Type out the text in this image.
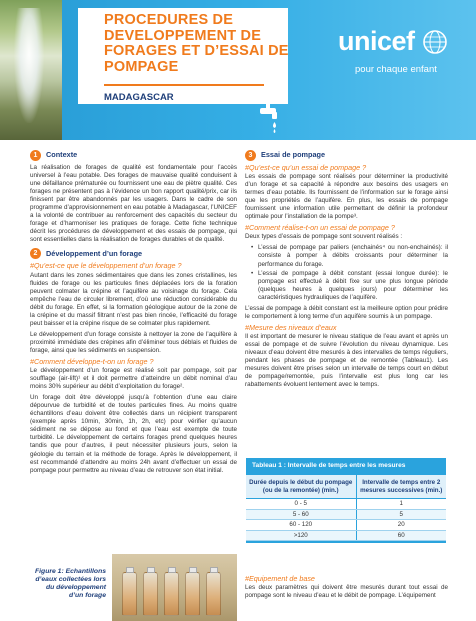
PROCEDURES DE
DEVELOPPEMENT DE
FORAGES ET D’ESSAI DE
POMPAGE
MADAGASCAR
unicef
pour chaque enfant
1	Contexte

La réalisation de forages de qualité est fondamentale pour l’accès universel à l’eau potable. Des forages de mauvaise qualité conduisent à une défaillance prématurée ou fournissent une eau de piètre qualité. Ces forages ne présentent pas à l’évidence un bon rapport qualité/prix, car ils finissent par être abandonnés par les usagers. Dans le cadre de son programme d’approvisionnement en eau potable à Madagascar, l’UNICEF a la volonté de contribuer au renforcement des capacités du secteur du forage et d’harmoniser les pratiques de forage. Cette fiche technique décrit les procédures de développement et des essais de pompage, qui sont essentielles dans la réalisation de forages durables et de qualité.

2	Développement d’un forage
#Qu’est-ce que le développement d’un forage ?

Autant dans les zones sédimentaires que dans les zones cristallines, les fluides de forage ou les particules fines déplacées lors de la foration peuvent colmater la crépine et l’aquifère au voisinage du forage. Cela empêche l’eau de circuler librement, d’où une réduction considérable du débit du forage. En effet, si la formation géologique autour de la zone de la crépine et du massif filtrant n’est pas bien rincée, l’efficacité du forage peut baisser et la crépine risque de se colmater plus rapidement.

Le développement d’un forage consiste à nettoyer la zone de l’aquifère à proximité immédiate des crépines afin d’éliminer tous déblais et fluides de forage, ainsi que les sédiments en suspension.

#Comment développe-t-on un forage ?

Le développement d’un forage est réalisé soit par pompage, soit par soufflage (air-lift)¹ et il doit permettre d’atteindre un débit nominal d’au moins 30% supérieur au débit d’exploitation du forage².

Un forage doit être développé jusqu’à l’obtention d’une eau claire dépourvue de turbidité et de toutes particules fines. Au moins quatre échantillons d’eau doivent être collectés dans un récipient transparent (exemple après 10min, 30min, 1h, 2h, etc) pour vérifier qu’aucun sédiment ne se dépose au fond et que l’eau est exempte de toute turbidité. Le développement de certains forages prend quelques heures tandis que pour d’autres, il peut nécessiter plusieurs jours, selon la géologie du terrain et la méthode de forage. Après le développement, il est recommandé d’attendre au moins 24h avant d’effectuer un essai de pompage pour permettre au niveau d’eau de retrouver son état initial.

Figure 1: Echantillons d’eaux collectées lors du développement d’un forage
3	Essai de pompage
#Qu’est-ce qu’un essai de pompage ?

Les essais de pompage sont réalisés pour déterminer la productivité d’un forage et sa capacité à répondre aux besoins des usagers en termes d’eau potable. Ils fournissent de l’information sur le forage ainsi que les propriétés de l’aquifère. En plus, les essais de pompage fournissent une information utile permettant de définir la profondeur optimale pour l’installation de la pompe³.

#Comment réalise-t-on un essai de pompage ?

Deux types d’essais de pompage sont souvent réalisés :

• L’essai de pompage par paliers (enchainés⁴ ou non-enchainés): il consiste à pomper à débits croissants pour déterminer la performance du forage.
• L’essai de pompage à débit constant (essai longue durée): le pompage est effectué à débit fixe sur une plus longue période (quelques heures à quelques jours) pour déterminer les caractéristiques hydrauliques de l’aquifère.

L’essai de pompage à débit constant est la meilleure option pour prédire le comportement à long terme d’un aquifère soumis à un pompage.

#Mesure des niveaux d’eaux

Il est important de mesurer le niveau statique de l’eau avant et après un essai de pompage et de suivre l’évolution du niveau dynamique. Les niveaux d’eau doivent être mesurés à des intervalles de temps réguliers, pendant les phases de pompage et de remontée (Tableau1). Les mesures doivent être prises selon un intervalle de temps court en début de pompage/remontée, puis l’intervalle est plus long car les rabattements évoluent lentement avec le temps.

Tableau 1 : Intervalle de temps entre les mesures
Durée depuis le début du pompage (ou de la remontée) (min.)	Intervalle de temps entre 2 mesures successives (min.)
0 - 5	1
5 - 60	5
60 - 120	20
>120	60
#Equipement de base

Les deux paramètres qui doivent être mesurés durant tout essai de pompage sont le niveau d’eau et le débit de pompage. L’équipement
